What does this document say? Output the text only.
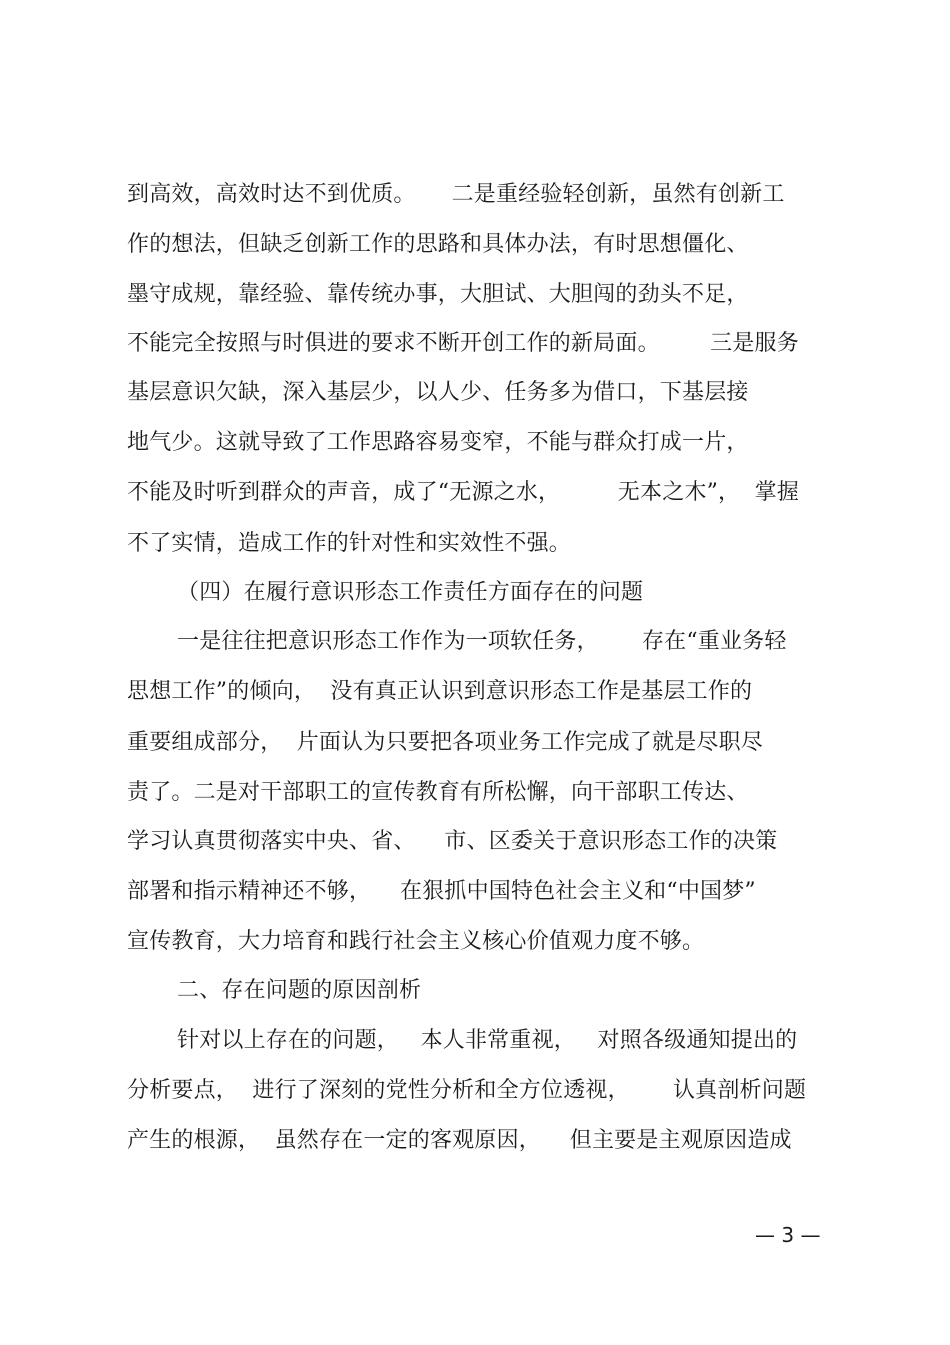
到高效，高效时达不到优质。     二是重经验轻创新，虽然有创新工
作的想法，但缺乏创新工作的思路和具体办法，有时思想僵化、
墨守成规，靠经验、靠传统办事，大胆试、大胆闯的劲头不足，
不能完全按照与时俱进的要求不断开创工作的新局面。       三是服务
基层意识欠缺，深入基层少，以人少、任务多为借口，下基层接
地气少。这就导致了工作思路容易变窄，不能与群众打成一片，
不能及时听到群众的声音，成了“无源之水，        无本之木”，  掌握
不了实情，造成工作的针对性和实效性不强。
（四）在履行意识形态工作责任方面存在的问题
一是往往把意识形态工作作为一项软任务，      存在“重业务轻
思想工作”的倾向，  没有真正认识到意识形态工作是基层工作的
重要组成部分，  片面认为只要把各项业务工作完成了就是尽职尽
责了。二是对干部职工的宣传教育有所松懈，向干部职工传达、
学习认真贯彻落实中央、省、    市、区委关于意识形态工作的决策
部署和指示精神还不够，    在狠抓中国特色社会主义和“中国梦”
宣传教育，大力培育和践行社会主义核心价值观力度不够。
二、存在问题的原因剖析
针对以上存在的问题，   本人非常重视，   对照各级通知提出的
分析要点，  进行了深刻的党性分析和全方位透视，      认真剖析问题
产生的根源，  虽然存在一定的客观原因，    但主要是主观原因造成
— 3 —
